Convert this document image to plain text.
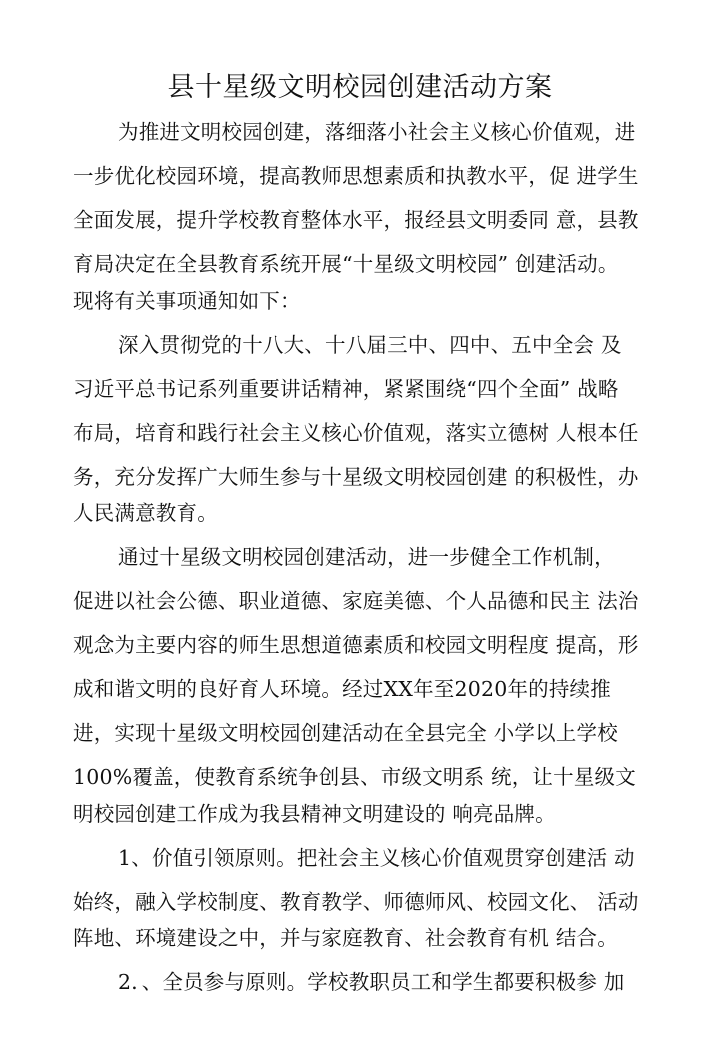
县十星级文明校园创建活动方案

为推进文明校园创建，落细落小社会主义核心价值观，进

一步优化校园环境，提高教师思想素质和执教水平，促 进学生

全面发展，提升学校教育整体水平，报经县文明委同 意，县教

育局决定在全县教育系统开展“十星级文明校园” 创建活动。

现将有关事项通知如下：

深入贯彻党的十八大、十八届三中、四中、五中全会 及

习近平总书记系列重要讲话精神，紧紧围绕“四个全面” 战略

布局，培育和践行社会主义核心价值观，落实立德树 人根本任

务，充分发挥广大师生参与十星级文明校园创建 的积极性，办

人民满意教育。

通过十星级文明校园创建活动，进一步健全工作机制，

促进以社会公德、职业道德、家庭美德、个人品德和民主 法治

观念为主要内容的师生思想道德素质和校园文明程度 提高，形

成和谐文明的良好育人环境。经过XX年至2020年的持续推

进，实现十星级文明校园创建活动在全县完全 小学以上学校

100%覆盖，使教育系统争创县、市级文明系 统，让十星级文

明校园创建工作成为我县精神文明建设的 响亮品牌。

1、价值引领原则。把社会主义核心价值观贯穿创建活 动

始终，融入学校制度、教育教学、师德师风、校园文化、 活动

阵地、环境建设之中，并与家庭教育、社会教育有机 结合。

2．、全员参与原则。学校教职员工和学生都要积极参 加
